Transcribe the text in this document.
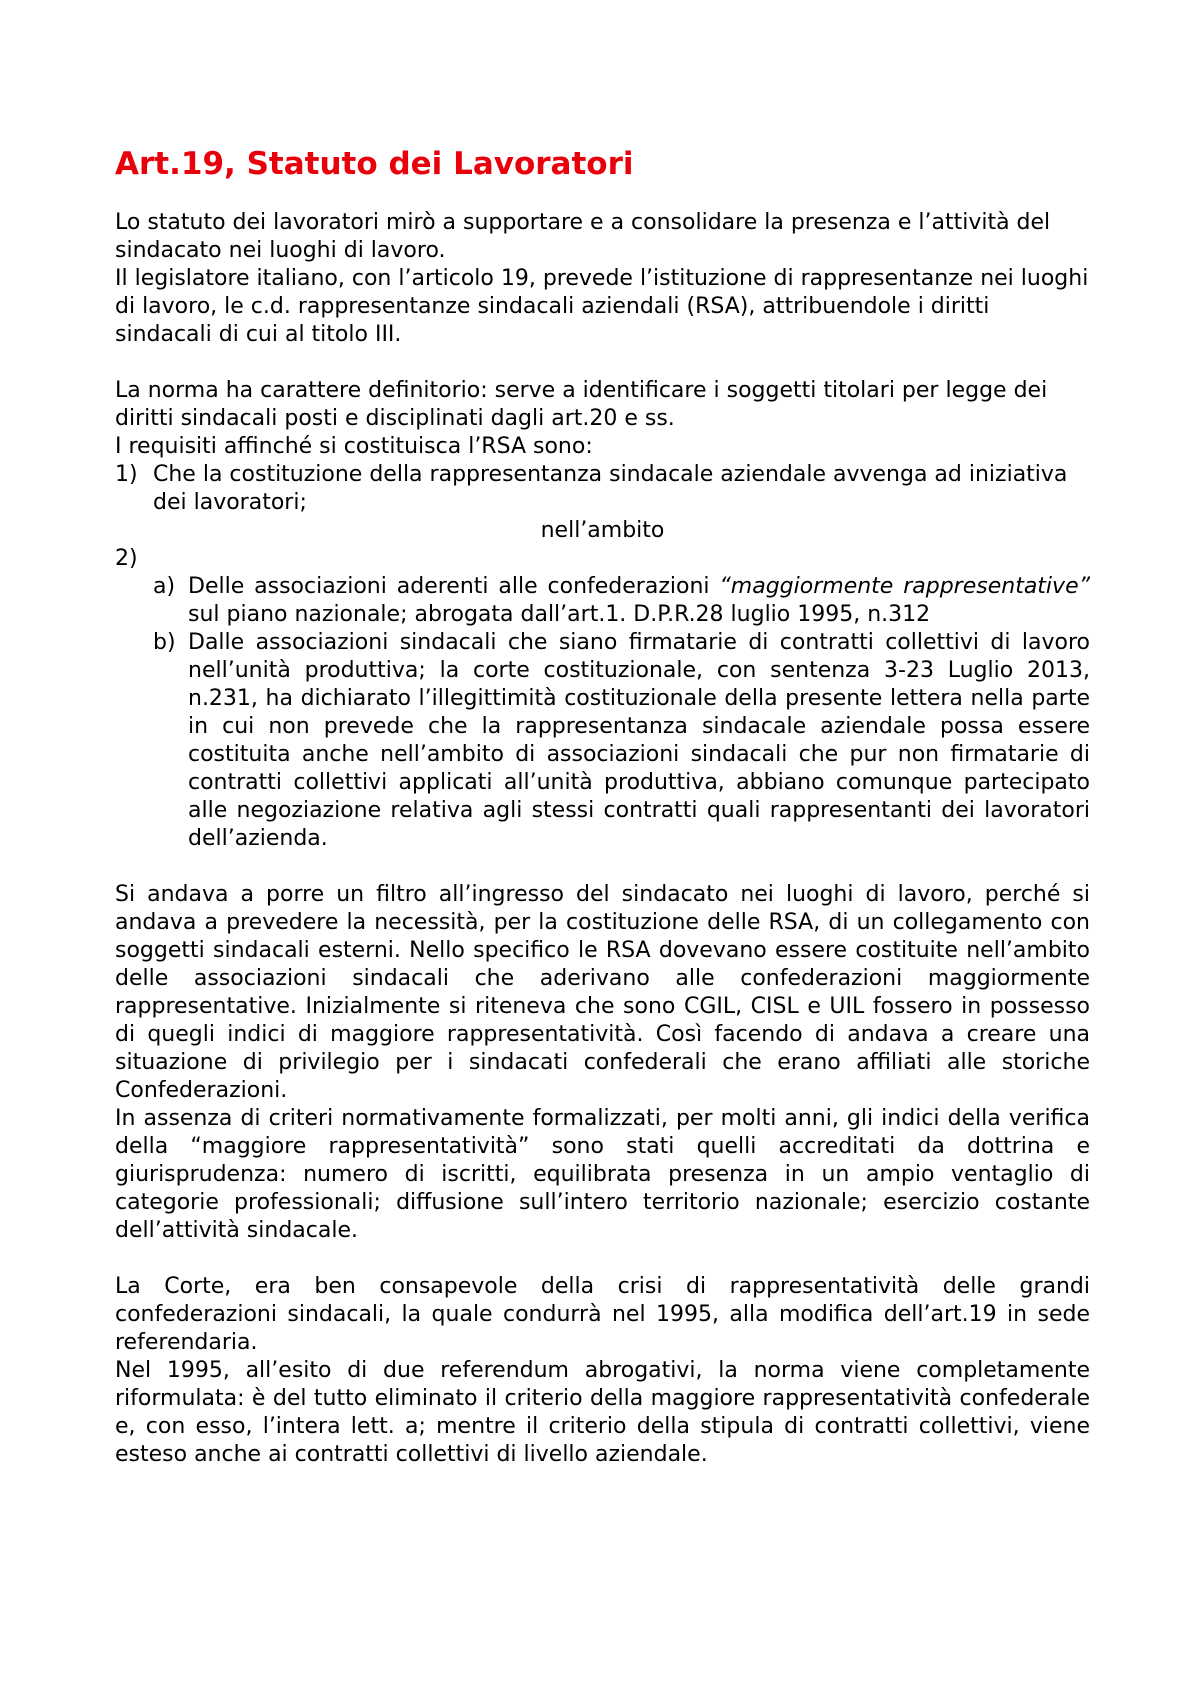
Art.19, Statuto dei Lavoratori

Lo statuto dei lavoratori mirò a supportare e a consolidare la presenza e l’attività del sindacato nei luoghi di lavoro.

Il legislatore italiano, con l’articolo 19, prevede l’istituzione di rappresentanze nei luoghi di lavoro, le c.d. rappresentanze sindacali aziendali (RSA), attribuendole i diritti sindacali di cui al titolo III.

La norma ha carattere definitorio: serve a identificare i soggetti titolari per legge dei diritti sindacali posti e disciplinati dagli art.20 e ss.

I requisiti affinché si costituisca l’RSA sono:

1) Che la costituzione della rappresentanza sindacale aziendale avvenga ad iniziativa dei lavoratori;

nell’ambito

2)

a) Delle associazioni aderenti alle confederazioni “maggiormente rappresentative” sul piano nazionale; abrogata dall’art.1. D.P.R.28 luglio 1995, n.312
b) Dalle associazioni sindacali che siano firmatarie di contratti collettivi di lavoro nell’unità produttiva; la corte costituzionale, con sentenza 3-23 Luglio 2013, n.231, ha dichiarato l’illegittimità costituzionale della presente lettera nella parte in cui non prevede che la rappresentanza sindacale aziendale possa essere costituita anche nell’ambito di associazioni sindacali che pur non firmatarie di contratti collettivi applicati all’unità produttiva, abbiano comunque partecipato alle negoziazione relativa agli stessi contratti quali rappresentanti dei lavoratori dell’azienda.

Si andava a porre un filtro all’ingresso del sindacato nei luoghi di lavoro, perché si andava a prevedere la necessità, per la costituzione delle RSA, di un collegamento con soggetti sindacali esterni. Nello specifico le RSA dovevano essere costituite nell’ambito delle associazioni sindacali che aderivano alle confederazioni maggiormente rappresentative. Inizialmente si riteneva che sono CGIL, CISL e UIL fossero in possesso di quegli indici di maggiore rappresentatività. Così facendo di andava a creare una situazione di privilegio per i sindacati confederali che erano affiliati alle storiche Confederazioni.

In assenza di criteri normativamente formalizzati, per molti anni, gli indici della verifica della “maggiore rappresentatività” sono stati quelli accreditati da dottrina e giurisprudenza: numero di iscritti, equilibrata presenza in un ampio ventaglio di categorie professionali; diffusione sull’intero territorio nazionale; esercizio costante dell’attività sindacale.

La Corte, era ben consapevole della crisi di rappresentatività delle grandi confederazioni sindacali, la quale condurrà nel 1995, alla modifica dell’art.19 in sede referendaria.

Nel 1995, all’esito di due referendum abrogativi, la norma viene completamente riformulata: è del tutto eliminato il criterio della maggiore rappresentatività confederale e, con esso, l’intera lett. a; mentre il criterio della stipula di contratti collettivi, viene esteso anche ai contratti collettivi di livello aziendale.
